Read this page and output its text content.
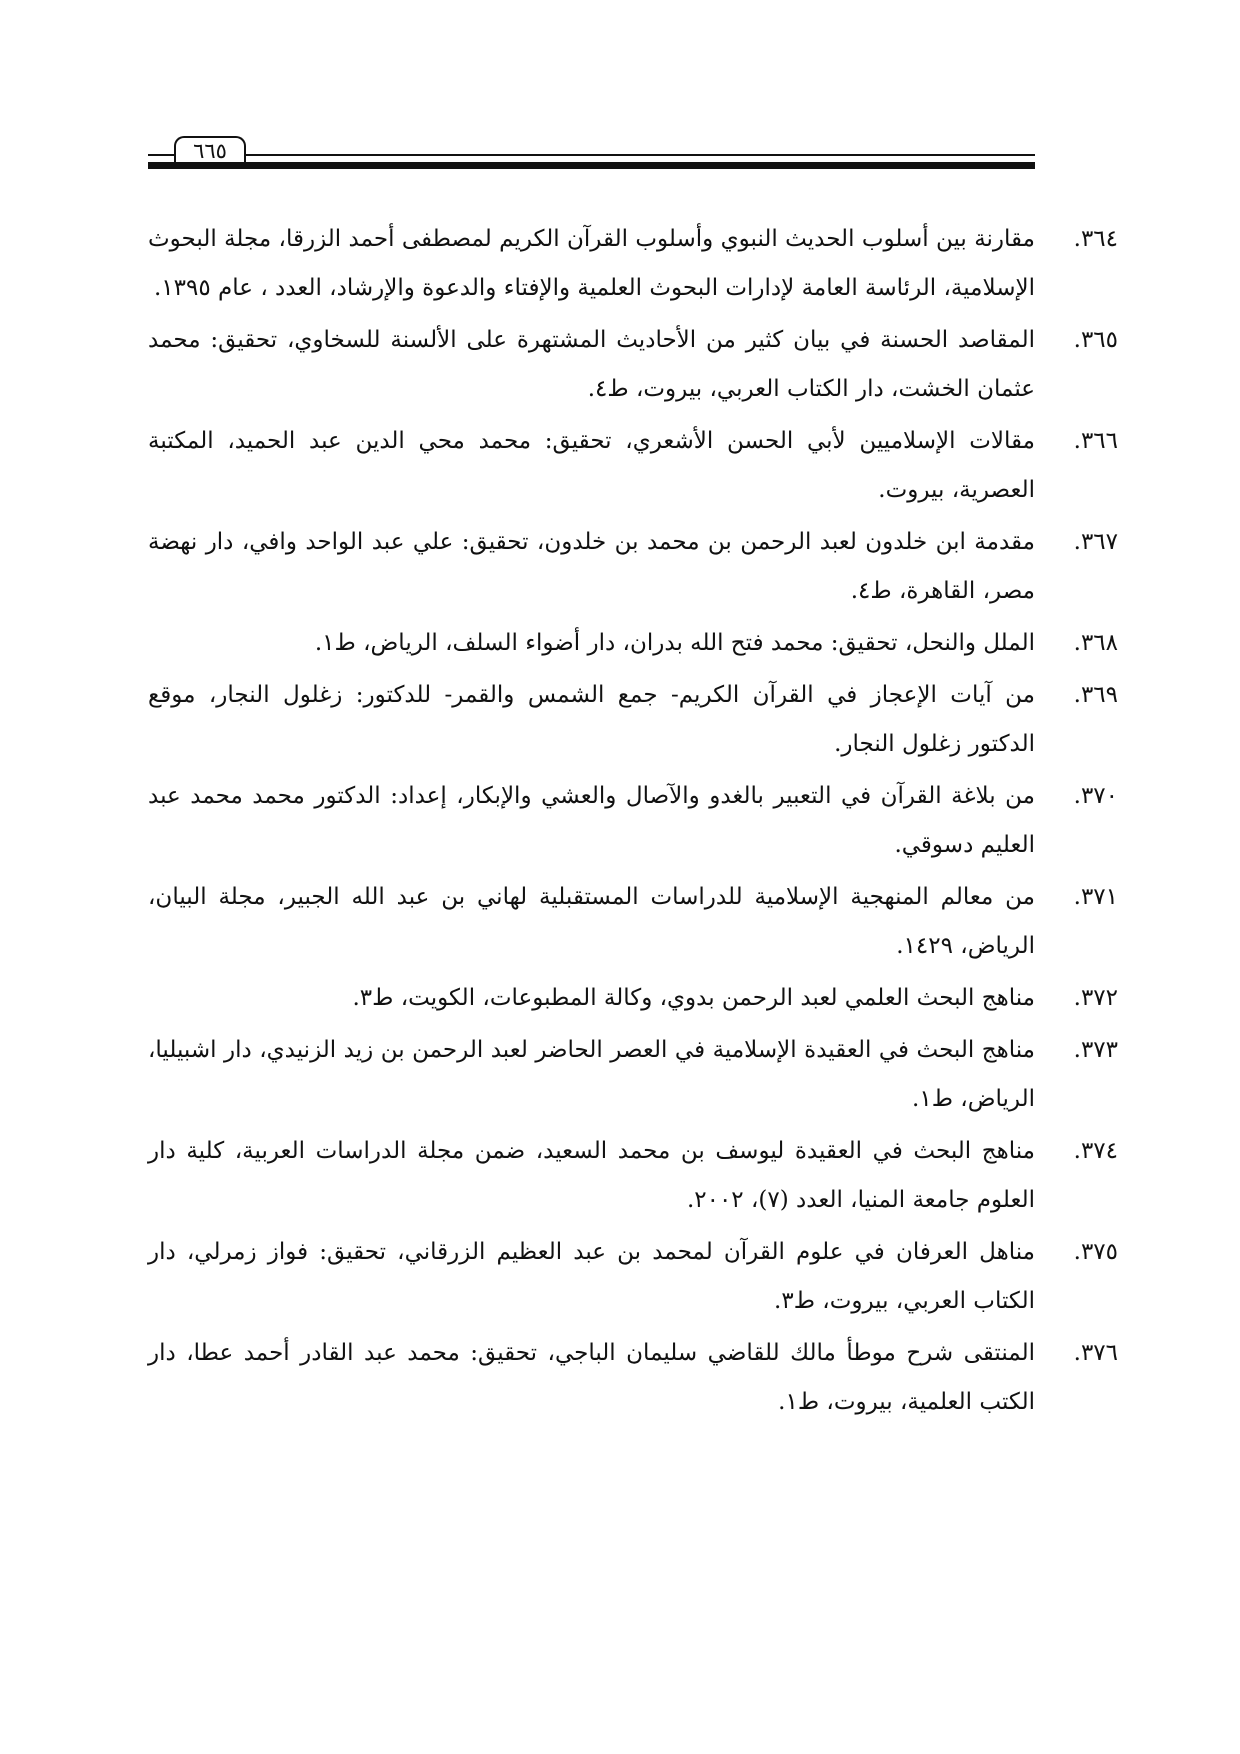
٦٦٥
٣٦٤.
مقارنة بين أسلوب الحديث النبوي وأسلوب القرآن الكريم لمصطفى أحمد الزرقا، مجلة البحوث الإسلامية، الرئاسة العامة لإدارات البحوث العلمية والإفتاء والدعوة والإرشاد، العدد ، عام ١٣٩٥.
٣٦٥.
المقاصد الحسنة في بيان كثير من الأحاديث المشتهرة على الألسنة للسخاوي، تحقيق: محمد عثمان الخشت، دار الكتاب العربي، بيروت، ط٤.
٣٦٦.
مقالات الإسلاميين لأبي الحسن الأشعري، تحقيق: محمد محي الدين عبد الحميد، المكتبة العصرية، بيروت.
٣٦٧.
مقدمة ابن خلدون لعبد الرحمن بن محمد بن خلدون، تحقيق: علي عبد الواحد وافي، دار نهضة مصر، القاهرة، ط٤.
٣٦٨.
الملل والنحل، تحقيق: محمد فتح الله بدران، دار أضواء السلف، الرياض، ط١.
٣٦٩.
من آيات الإعجاز في القرآن الكريم- جمع الشمس والقمر- للدكتور: زغلول النجار، موقع الدكتور زغلول النجار.
٣٧٠.
من بلاغة القرآن في التعبير بالغدو والآصال والعشي والإبكار، إعداد: الدكتور محمد محمد عبد العليم دسوقي.
٣٧١.
من معالم المنهجية الإسلامية للدراسات المستقبلية لهاني بن عبد الله الجبير، مجلة البيان، الرياض، ١٤٢٩.
٣٧٢.
مناهج البحث العلمي لعبد الرحمن بدوي، وكالة المطبوعات، الكويت، ط٣.
٣٧٣.
مناهج البحث في العقيدة الإسلامية في العصر الحاضر لعبد الرحمن بن زيد الزنيدي، دار اشبيليا، الرياض، ط١.
٣٧٤.
مناهج البحث في العقيدة ليوسف بن محمد السعيد، ضمن مجلة الدراسات العربية، كلية دار العلوم جامعة المنيا، العدد (٧)، ٢٠٠٢.
٣٧٥.
مناهل العرفان في علوم القرآن لمحمد بن عبد العظيم الزرقاني، تحقيق: فواز زمرلي، دار الكتاب العربي، بيروت، ط٣.
٣٧٦.
المنتقى شرح موطأ مالك للقاضي سليمان الباجي، تحقيق: محمد عبد القادر أحمد عطا، دار الكتب العلمية، بيروت، ط١.
